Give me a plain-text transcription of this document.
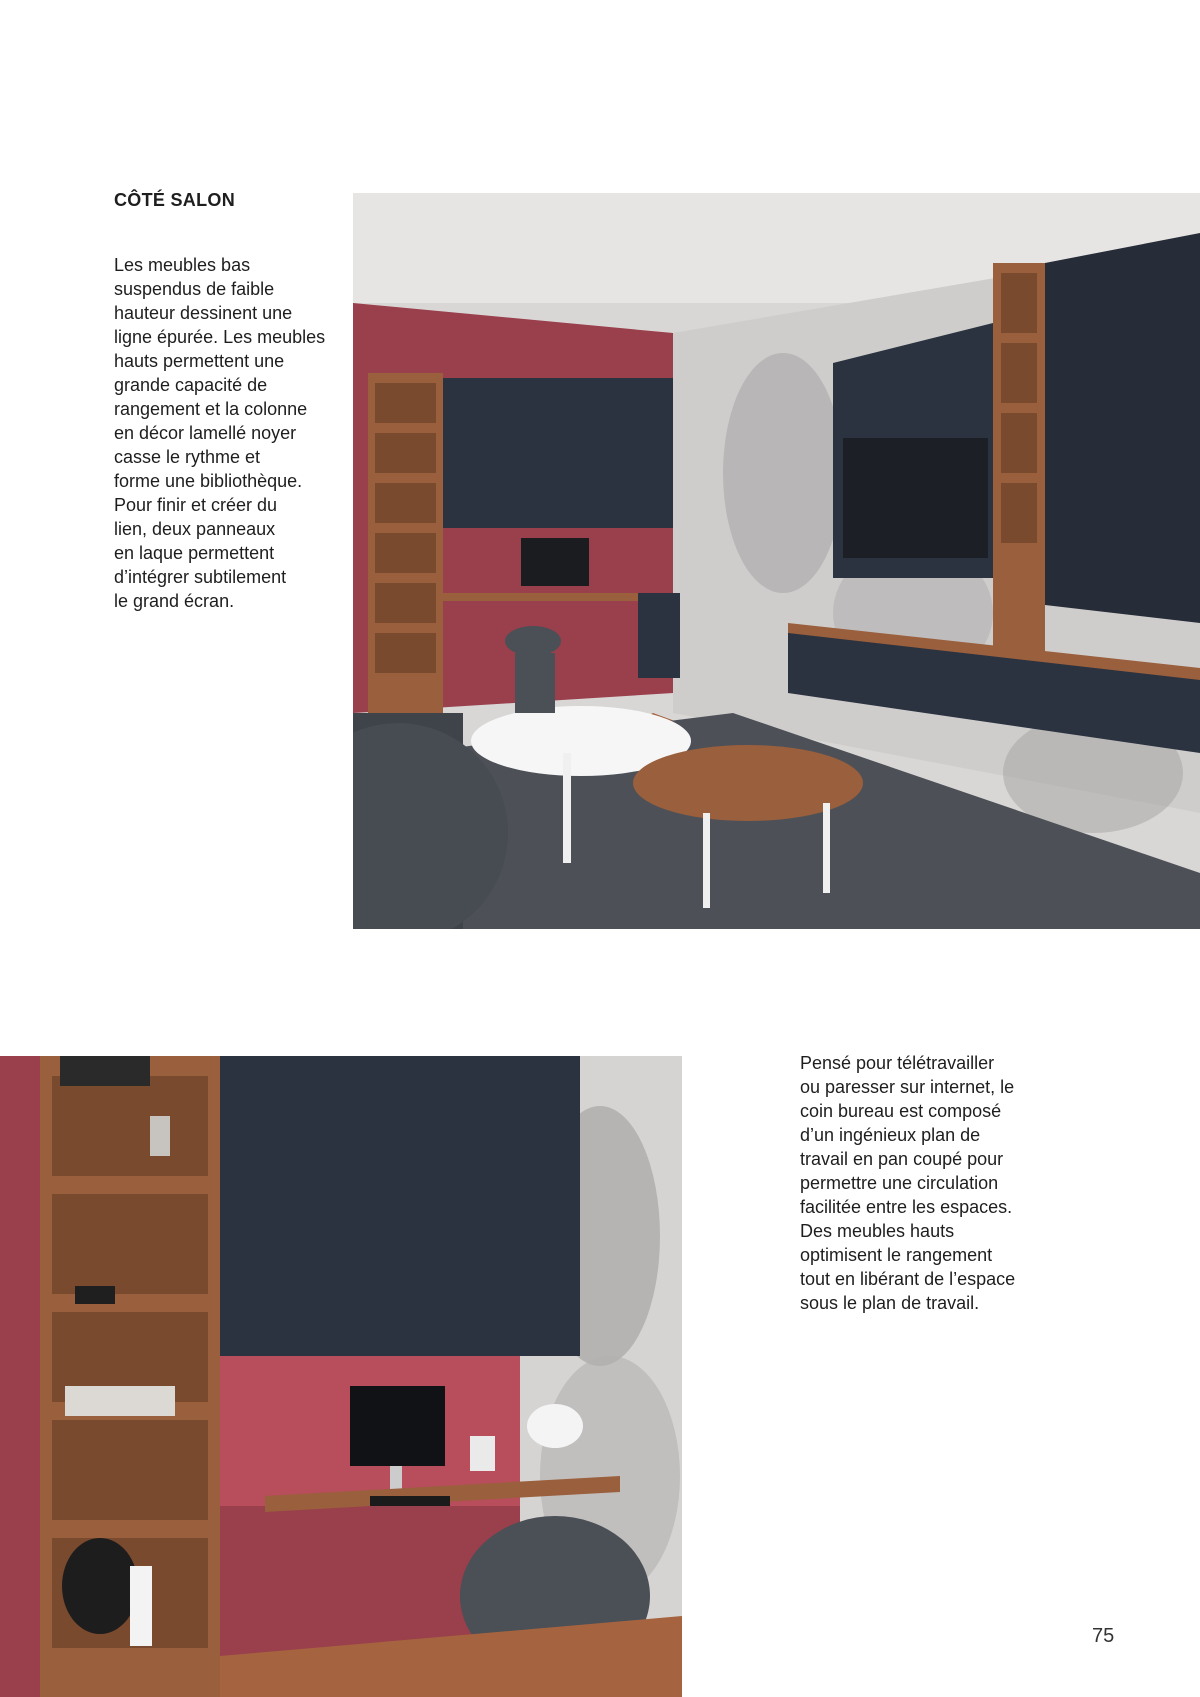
CÔTÉ SALON

Les meubles bas
suspendus de faible
hauteur dessinent une
ligne épurée. Les meubles
hauts permettent une
grande capacité de
rangement et la colonne
en décor lamellé noyer
casse le rythme et
forme une bibliothèque.
Pour finir et créer du
lien, deux panneaux
en laque permettent
d’intégrer subtilement
le grand écran.

Pensé pour télétravailler
ou paresser sur internet, le
coin bureau est composé
d’un ingénieux plan de
travail en pan coupé pour
permettre une circulation
facilitée entre les espaces.
Des meubles hauts
optimisent le rangement
tout en libérant de l’espace
sous le plan de travail.

75
